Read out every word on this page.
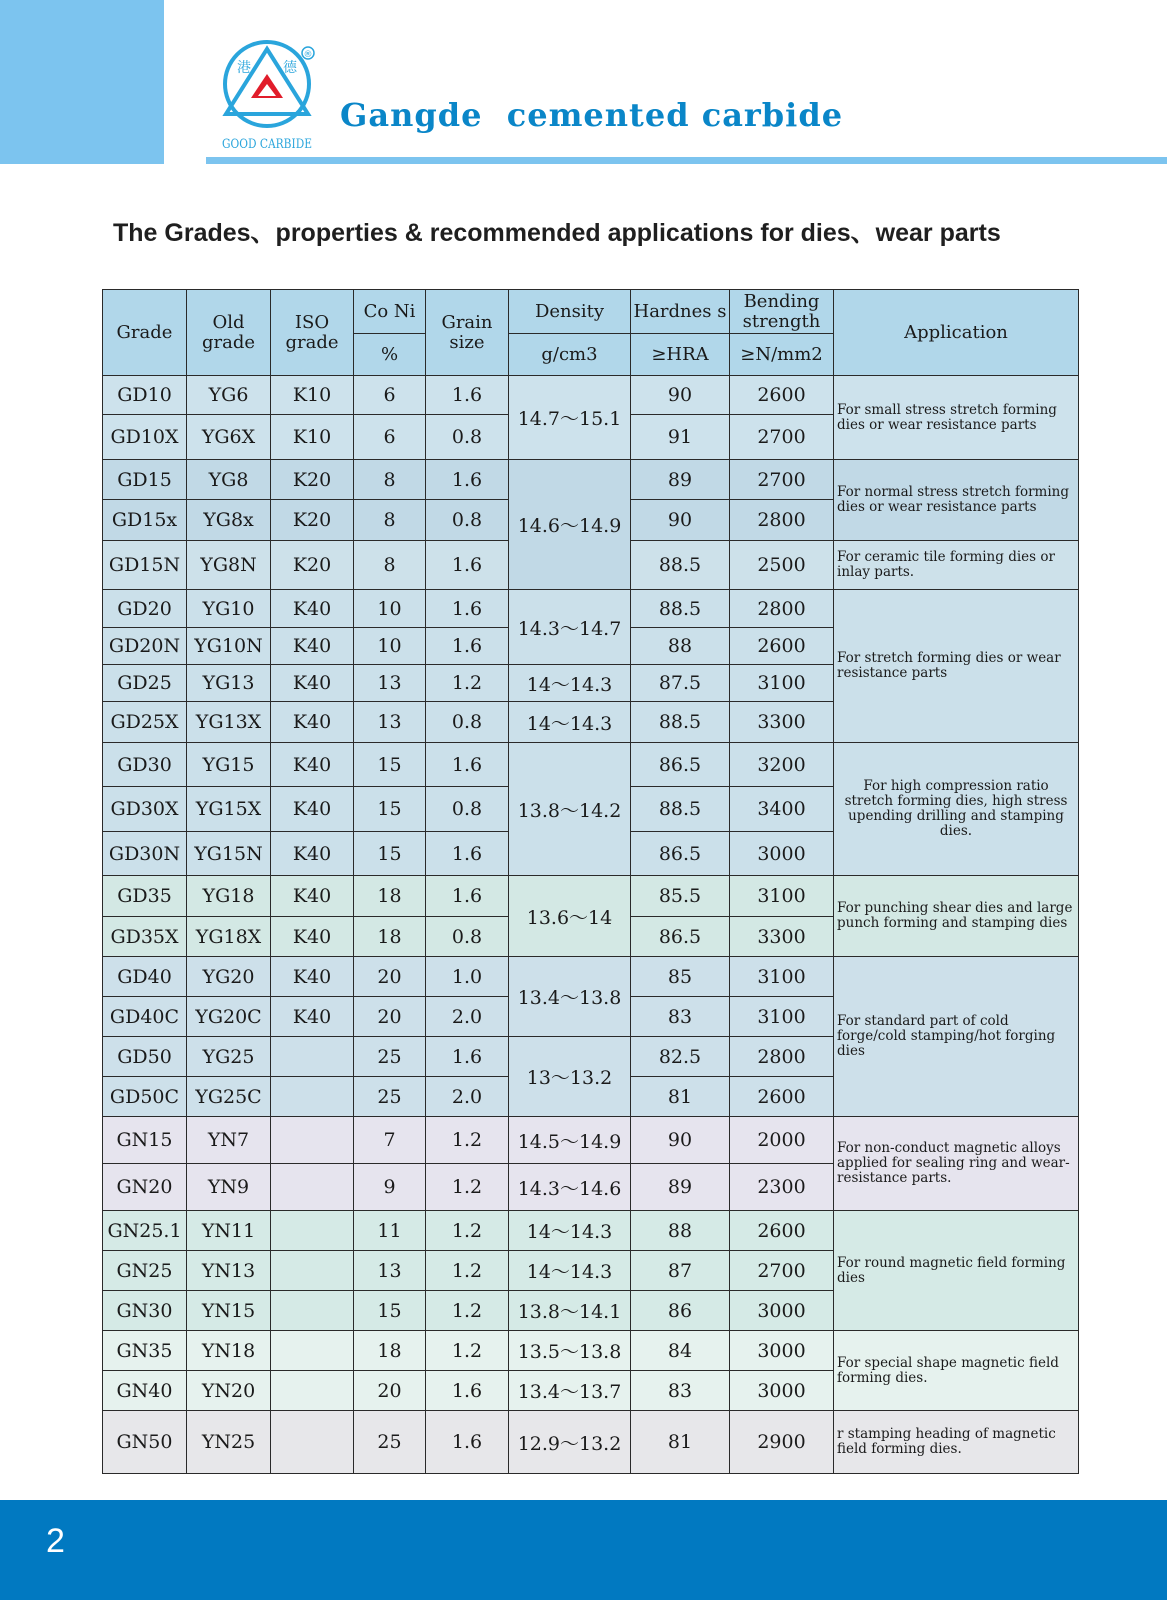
港 德
®
GOOD CARBIDE
Gangde  cemented carbide
The Grades、properties & recommended applications for dies、wear parts
Grade	Old grade	ISO grade	Co Ni	Grain size	Density	Hardnes s	Bending strength	Application
			%		g/cm3	≥HRA	≥N/mm2	
GD10	YG6	K10	6	1.6	14.7～15.1	90	2600	For small stress stretch forming dies or wear resistance parts
GD10X	YG6X	K10	6	0.8		91	2700	
GD15	YG8	K20	8	1.6	14.6～14.9	89	2700	For normal stress stretch forming dies or wear resistance parts
GD15x	YG8x	K20	8	0.8		90	2800	
GD15N	YG8N	K20	8	1.6		88.5	2500	For ceramic tile forming dies or inlay parts.
GD20	YG10	K40	10	1.6	14.3～14.7	88.5	2800	For stretch forming dies or wear resistance parts
GD20N	YG10N	K40	10	1.6		88	2600	
GD25	YG13	K40	13	1.2	14～14.3	87.5	3100	
GD25X	YG13X	K40	13	0.8	14～14.3	88.5	3300	
GD30	YG15	K40	15	1.6	13.8～14.2	86.5	3200	For high compression ratio stretch forming dies, high stress upending drilling and stamping dies.
GD30X	YG15X	K40	15	0.8		88.5	3400	
GD30N	YG15N	K40	15	1.6		86.5	3000	
GD35	YG18	K40	18	1.6	13.6～14	85.5	3100	For punching shear dies and large punch forming and stamping dies
GD35X	YG18X	K40	18	0.8		86.5	3300	
GD40	YG20	K40	20	1.0	13.4～13.8	85	3100	For standard part of cold forge/cold stamping/hot forging dies
GD40C	YG20C	K40	20	2.0		83	3100	
GD50	YG25		25	1.6	13～13.2	82.5	2800	
GD50C	YG25C		25	2.0		81	2600	
GN15	YN7		7	1.2	14.5～14.9	90	2000	For non-conduct magnetic alloys applied for sealing ring and wear-resistance parts.
GN20	YN9		9	1.2	14.3～14.6	89	2300	
GN25.1	YN11		11	1.2	14～14.3	88	2600	For round magnetic field forming dies
GN25	YN13		13	1.2	14～14.3	87	2700	
GN30	YN15		15	1.2	13.8～14.1	86	3000	
GN35	YN18		18	1.2	13.5～13.8	84	3000	For special shape magnetic field forming dies.
GN40	YN20		20	1.6	13.4～13.7	83	3000	
GN50	YN25		25	1.6	12.9～13.2	81	2900	r stamping heading of magnetic field forming dies.
2
